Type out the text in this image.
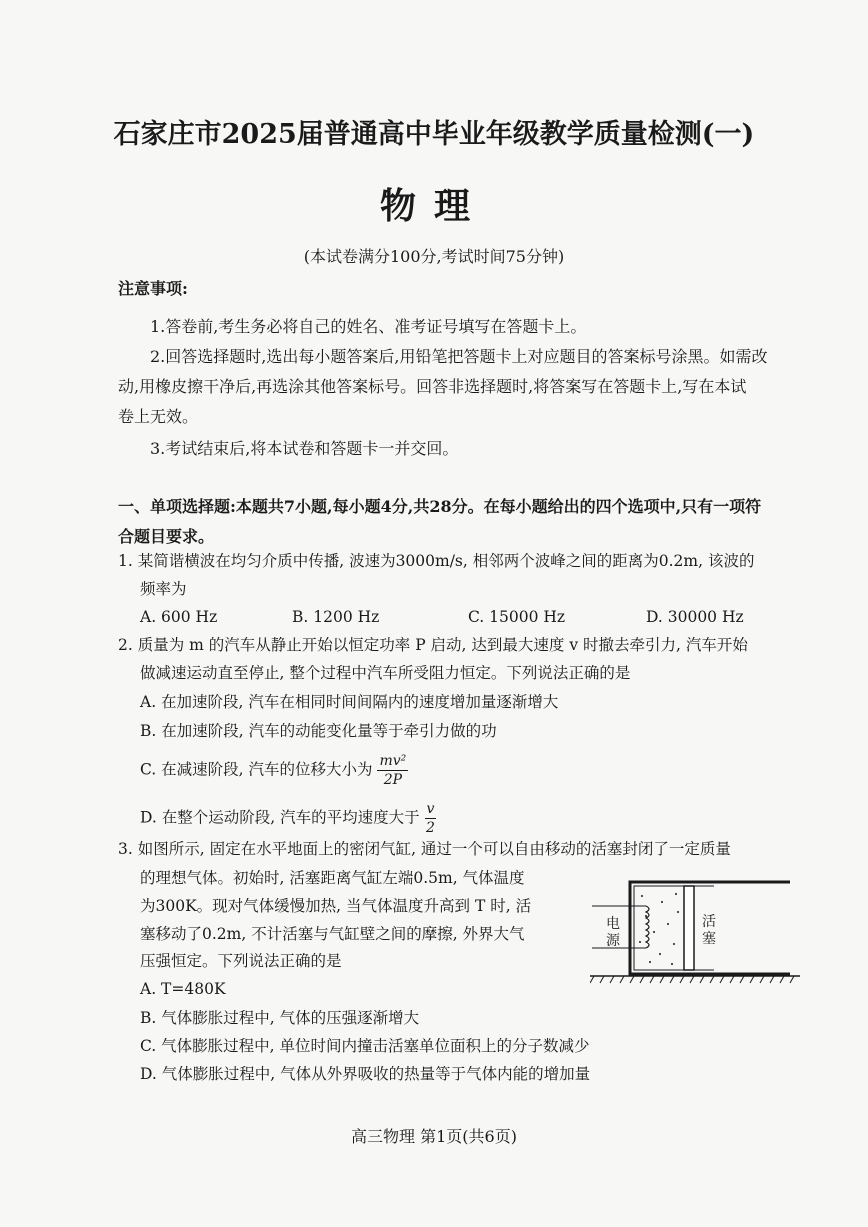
石家庄市2025届普通高中毕业年级教学质量检测(一)
物理
(本试卷满分100分,考试时间75分钟)
注意事项:
1.答卷前,考生务必将自己的姓名、准考证号填写在答题卡上。
2.回答选择题时,选出每小题答案后,用铅笔把答题卡上对应题目的答案标号涂黑。如需改
动,用橡皮擦干净后,再选涂其他答案标号。回答非选择题时,将答案写在答题卡上,写在本试
卷上无效。
3.考试结束后,将本试卷和答题卡一并交回。
一、单项选择题:本题共7小题,每小题4分,共28分。在每小题给出的四个选项中,只有一项符
合题目要求。
1. 某简谐横波在均匀介质中传播, 波速为3000m/s, 相邻两个波峰之间的距离为0.2m, 该波的
频率为
A. 600 Hz	B. 1200 Hz	C. 15000 Hz	D. 30000 Hz
2. 质量为 m 的汽车从静止开始以恒定功率 P 启动, 达到最大速度 v 时撤去牵引力, 汽车开始
做减速运动直至停止, 整个过程中汽车所受阻力恒定。下列说法正确的是
A. 在加速阶段, 汽车在相同时间间隔内的速度增加量逐渐增大
B. 在加速阶段, 汽车的动能变化量等于牵引力做的功
C. 在减速阶段, 汽车的位移大小为 $\frac{\text{mv²}}{2P}$
D. 在整个运动阶段, 汽车的平均速度大于 $\frac{v}{2}$
3. 如图所示, 固定在水平地面上的密闭气缸, 通过一个可以自由移动的活塞封闭了一定质量
的理想气体。初始时, 活塞距离气缸左端0.5m, 气体温度
为300K。现对气体缓慢加热, 当气体温度升高到 T 时, 活
塞移动了0.2m, 不计活塞与气缸壁之间的摩擦, 外界大气
压强恒定。下列说法正确的是
A. T=480K
B. 气体膨胀过程中, 气体的压强逐渐增大
C. 气体膨胀过程中, 单位时间内撞击活塞单位面积上的分子数减少
D. 气体膨胀过程中, 气体从外界吸收的热量等于气体内能的增加量
电
源
活
塞
高三物理 第1页(共6页)
